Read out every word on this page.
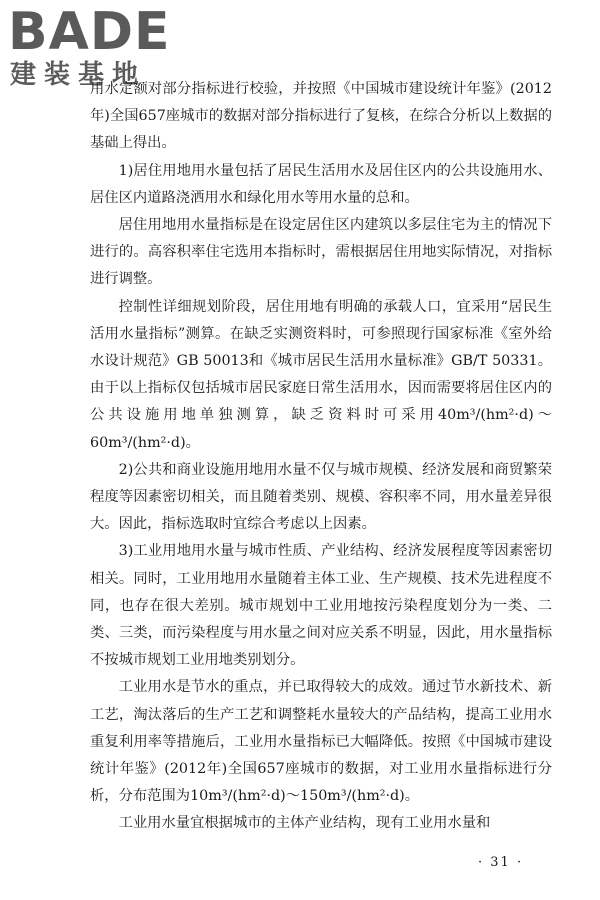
BADE
建装基地

用水定额对部分指标进行校验，并按照《中国城市建设统计年鉴》(2012年)全国657座城市的数据对部分指标进行了复核，在综合分析以上数据的基础上得出。

1)居住用地用水量包括了居民生活用水及居住区内的公共设施用水、居住区内道路浇洒用水和绿化用水等用水量的总和。

居住用地用水量指标是在设定居住区内建筑以多层住宅为主的情况下进行的。高容积率住宅选用本指标时，需根据居住用地实际情况，对指标进行调整。

控制性详细规划阶段，居住用地有明确的承载人口，宜采用“居民生活用水量指标”测算。在缺乏实测资料时，可参照现行国家标准《室外给水设计规范》GB 50013和《城市居民生活用水量标准》GB/T 50331。由于以上指标仅包括城市居民家庭日常生活用水，因而需要将居住区内的公共设施用地单独测算，缺乏资料时可采用40m³/(hm²·d)～60m³/(hm²·d)。

2)公共和商业设施用地用水量不仅与城市规模、经济发展和商贸繁荣程度等因素密切相关，而且随着类别、规模、容积率不同，用水量差异很大。因此，指标选取时宜综合考虑以上因素。

3)工业用地用水量与城市性质、产业结构、经济发展程度等因素密切相关。同时，工业用地用水量随着主体工业、生产规模、技术先进程度不同，也存在很大差别。城市规划中工业用地按污染程度划分为一类、二类、三类，而污染程度与用水量之间对应关系不明显，因此，用水量指标不按城市规划工业用地类别划分。

工业用水是节水的重点，并已取得较大的成效。通过节水新技术、新工艺，淘汰落后的生产工艺和调整耗水量较大的产品结构，提高工业用水重复利用率等措施后，工业用水量指标已大幅降低。按照《中国城市建设统计年鉴》(2012年)全国657座城市的数据，对工业用水量指标进行分析，分布范围为10m³/(hm²·d)～150m³/(hm²·d)。

工业用水量宜根据城市的主体产业结构，现有工业用水量和

· 31 ·
